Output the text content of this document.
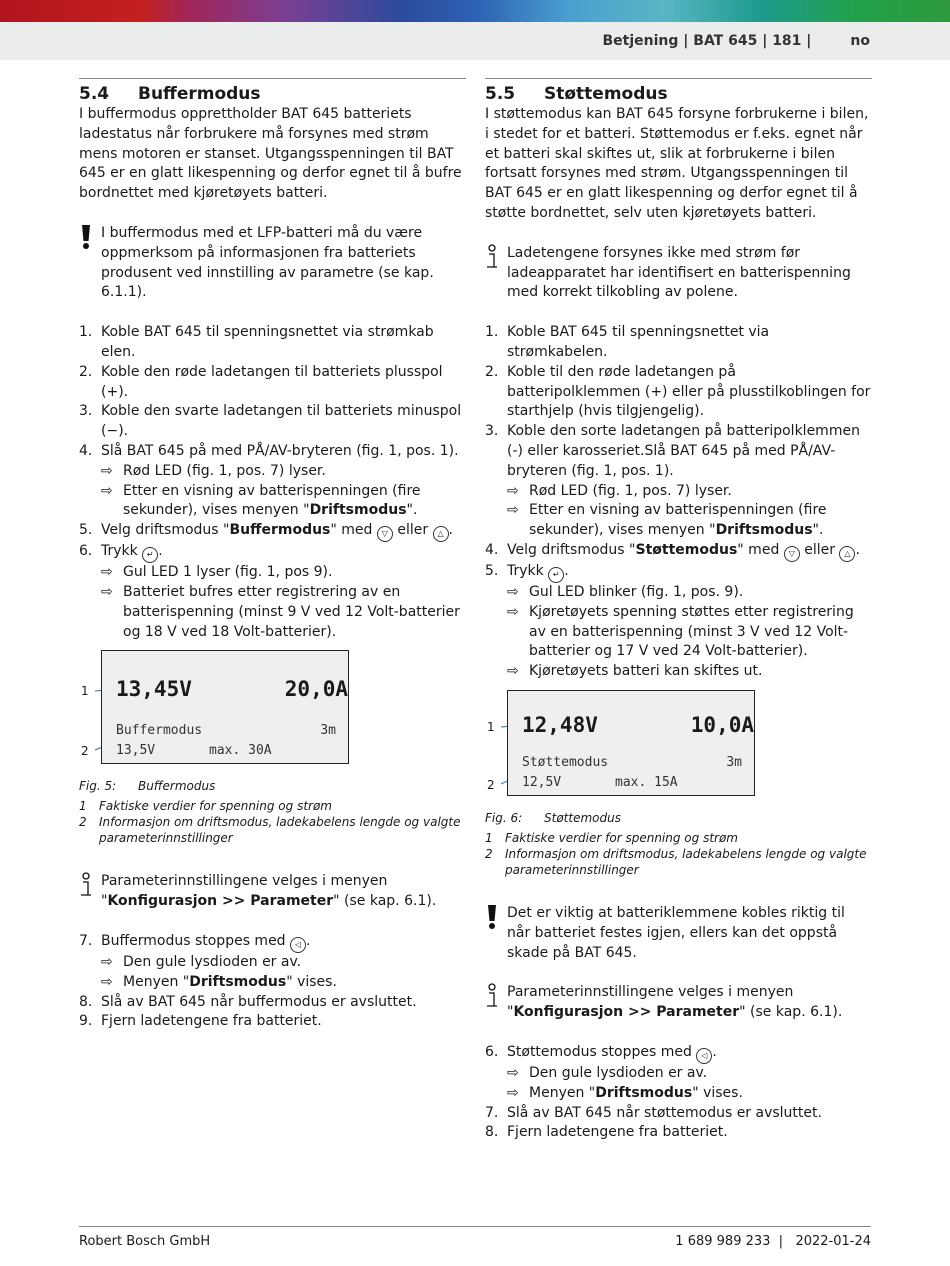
Betjening | BAT 645 | 181 |	no
5.4	Buffermodus

I buffermodus opprettholder BAT 645 batteriets ladestatus når forbrukere må forsynes med strøm mens motoren er stanset. Utgangsspenningen til BAT 645 er en glatt likespenning og derfor egnet til å bufre bordnettet med kjøretøyets batteri.

I buffermodus med et LFP-batteri må du være oppmerksom på informasjonen fra batteriets produsent ved innstilling av parametre (se kap. 6.1.1).

1. Koble BAT 645 til spenningsnettet via strømkab elen.
2. Koble den røde ladetangen til batteriets plusspol (+).
3. Koble den svarte ladetangen til batteriets minuspol (−).
4. Slå BAT 645 på med PÅ/AV-bryteren (fig. 1, pos. 1).
⇨ Rød LED (fig. 1, pos. 7) lyser.
⇨ Etter en visning av batterispenningen (fire sekunder), vises menyen "Driftsmodus".
5. Velg driftsmodus "Buffermodus" med ▽ eller △ .
6. Trykk ↵ .
⇨ Gul LED 1 lyser (fig. 1, pos 9).
⇨ Batteriet bufres etter registrering av en batterispenning (minst 9 V ved 12 Volt-batterier og 18 V ved 18 Volt-batterier).
1
2
13,45V	20,0A
Buffermodus	3m
13,5V	max. 30A
Fig. 5:	Buffermodus
1 Faktiske verdier for spenning og strøm
2 Informasjon om driftsmodus, ladekabelens lengde og valgte parameterinnstillinger

Parameterinnstillingene velges i menyen "Konfigurasjon >> Parameter" (se kap. 6.1).

7. Buffermodus stoppes med ◁ .
⇨ Den gule lysdioden er av.
⇨ Menyen "Driftsmodus" vises.
8. Slå av BAT 645 når buffermodus er avsluttet.
9. Fjern ladetengene fra batteriet.
5.5	Støttemodus

I støttemodus kan BAT 645 forsyne forbrukerne i bilen, i stedet for et batteri. Støttemodus er f.eks. egnet når et batteri skal skiftes ut, slik at forbrukerne i bilen fortsatt forsynes med strøm. Utgangsspenningen til BAT 645 er en glatt likespenning og derfor egnet til å støtte bordnettet, selv uten kjøretøyets batteri.

Ladetengene forsynes ikke med strøm før ladeapparatet har identifisert en batterispenning med korrekt tilkobling av polene.

1. Koble BAT 645 til spenningsnettet via strømkabelen.
2. Koble til den røde ladetangen på batteripolklemmen (+) eller på plusstilkoblingen for starthjelp (hvis tilgjengelig).
3. Koble den sorte ladetangen på batteripolklemmen (-) eller karosseriet.Slå BAT 645 på med PÅ/AV-bryteren (fig. 1, pos. 1).
⇨ Rød LED (fig. 1, pos. 7) lyser.
⇨ Etter en visning av batterispenningen (fire sekunder), vises menyen "Driftsmodus".
4. Velg driftsmodus "Støttemodus" med ▽ eller △ .
5. Trykk ↵ .
⇨ Gul LED blinker (fig. 1, pos. 9).
⇨ Kjøretøyets spenning støttes etter registrering av en batterispenning (minst 3 V ved 12 Volt-batterier og 17 V ved 24 Volt-batterier).
⇨ Kjøretøyets batteri kan skiftes ut.
1
2
12,48V	10,0A
Støttemodus	3m
12,5V	max. 15A
Fig. 6:	Støttemodus
1 Faktiske verdier for spenning og strøm
2 Informasjon om driftsmodus, ladekabelens lengde og valgte parameterinnstillinger

Det er viktig at batteriklemmene kobles riktig til når batteriet festes igjen, ellers kan det oppstå skade på BAT 645.

Parameterinnstillingene velges i menyen "Konfigurasjon >> Parameter" (se kap. 6.1).

6. Støttemodus stoppes med ◁ .
⇨ Den gule lysdioden er av.
⇨ Menyen "Driftsmodus" vises.
7. Slå av BAT 645 når støttemodus er avsluttet.
8. Fjern ladetengene fra batteriet.
Robert Bosch GmbH	1 689 989 233  |   2022-01-24
